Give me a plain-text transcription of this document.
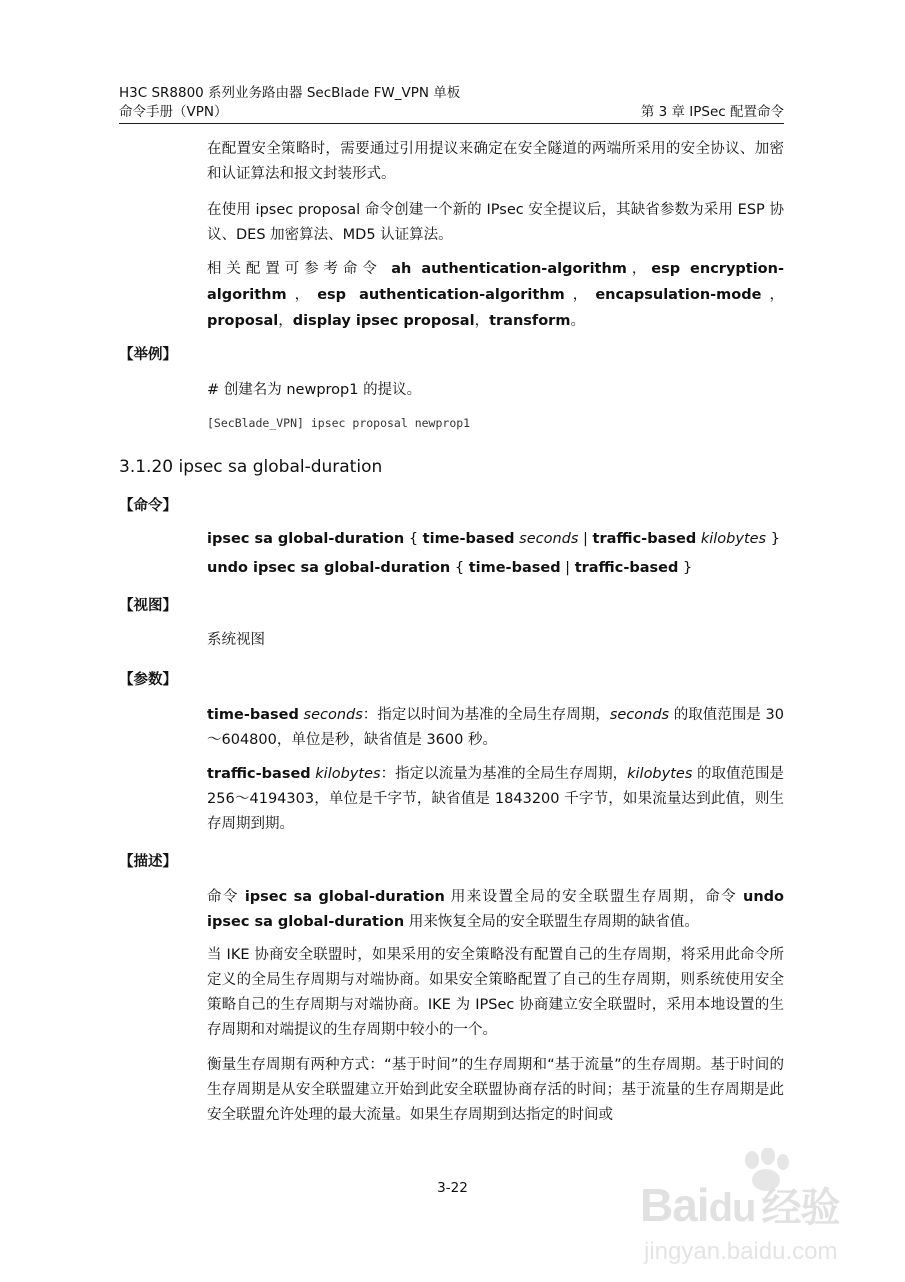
H3C SR8800 系列业务路由器 SecBlade FW_VPN 单板
命令手册（VPN）	第 3 章 IPSec 配置命令
在配置安全策略时，需要通过引用提议来确定在安全隧道的两端所采用的安全协议、加密和认证算法和报文封装形式。
在使用 ipsec proposal 命令创建一个新的 IPsec 安全提议后，其缺省参数为采用 ESP 协议、DES 加密算法、MD5 认证算法。
相关配置可参考命令 ah authentication-algorithm，esp encryption-algorithm，esp authentication-algorithm，encapsulation-mode，proposal，display ipsec proposal，transform。
【举例】
# 创建名为 newprop1 的提议。
[SecBlade_VPN] ipsec proposal newprop1
3.1.20 ipsec sa global-duration
【命令】
ipsec sa global-duration { time-based seconds | traffic-based kilobytes }
undo ipsec sa global-duration { time-based | traffic-based }
【视图】
系统视图
【参数】
time-based seconds：指定以时间为基准的全局生存周期，seconds 的取值范围是 30～604800，单位是秒，缺省值是 3600 秒。
traffic-based kilobytes：指定以流量为基准的全局生存周期，kilobytes 的取值范围是 256～4194303，单位是千字节，缺省值是 1843200 千字节，如果流量达到此值，则生存周期到期。
【描述】
命令 ipsec sa global-duration 用来设置全局的安全联盟生存周期，命令 undo ipsec sa global-duration 用来恢复全局的安全联盟生存周期的缺省值。
当 IKE 协商安全联盟时，如果采用的安全策略没有配置自己的生存周期，将采用此命令所定义的全局生存周期与对端协商。如果安全策略配置了自己的生存周期，则系统使用安全策略自己的生存周期与对端协商。IKE 为 IPSec 协商建立安全联盟时，采用本地设置的生存周期和对端提议的生存周期中较小的一个。
衡量生存周期有两种方式：“基于时间”的生存周期和“基于流量”的生存周期。基于时间的生存周期是从安全联盟建立开始到此安全联盟协商存活的时间；基于流量的生存周期是此安全联盟允许处理的最大流量。如果生存周期到达指定的时间或
3-22	Baidu 经验
jingyan.baidu.com
